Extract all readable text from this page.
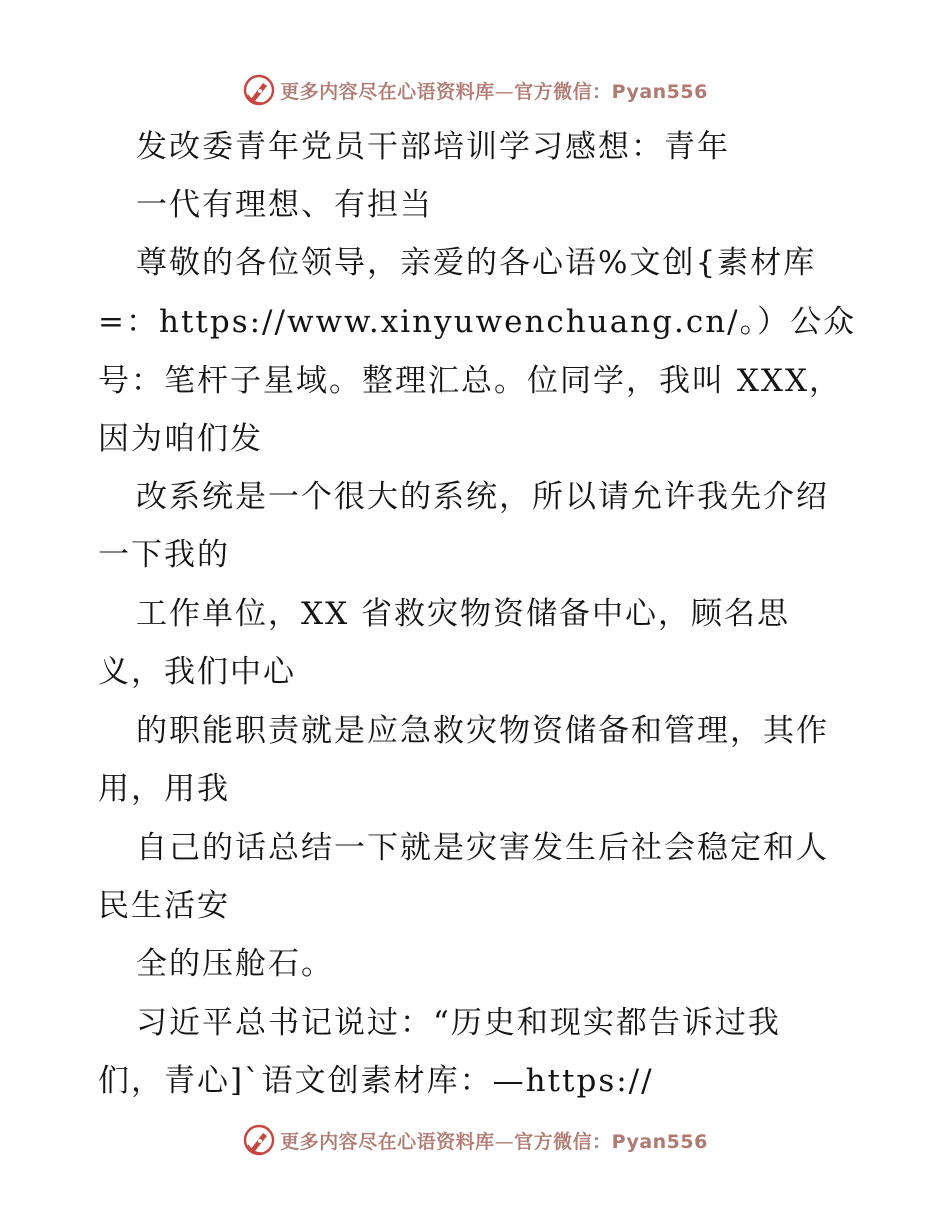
更多内容尽在心语资料库—官方微信：Pyan556
发改委青年党员干部培训学习感想：青年
一代有理想、有担当
尊敬的各位领导，亲爱的各心语%文创{素材库
=：https://www.xinyuwenchuang.cn/。）公众
号：笔杆子星域。整理汇总。位同学，我叫 XXX，
因为咱们发
改系统是一个很大的系统，所以请允许我先介绍
一下我的
工作单位，XX 省救灾物资储备中心，顾名思
义，我们中心
的职能职责就是应急救灾物资储备和管理，其作
用，用我
自己的话总结一下就是灾害发生后社会稳定和人
民生活安
全的压舱石。
习近平总书记说过：“历史和现实都告诉过我
们，青心]`语文创素材库：—https://
更多内容尽在心语资料库—官方微信：Pyan556
